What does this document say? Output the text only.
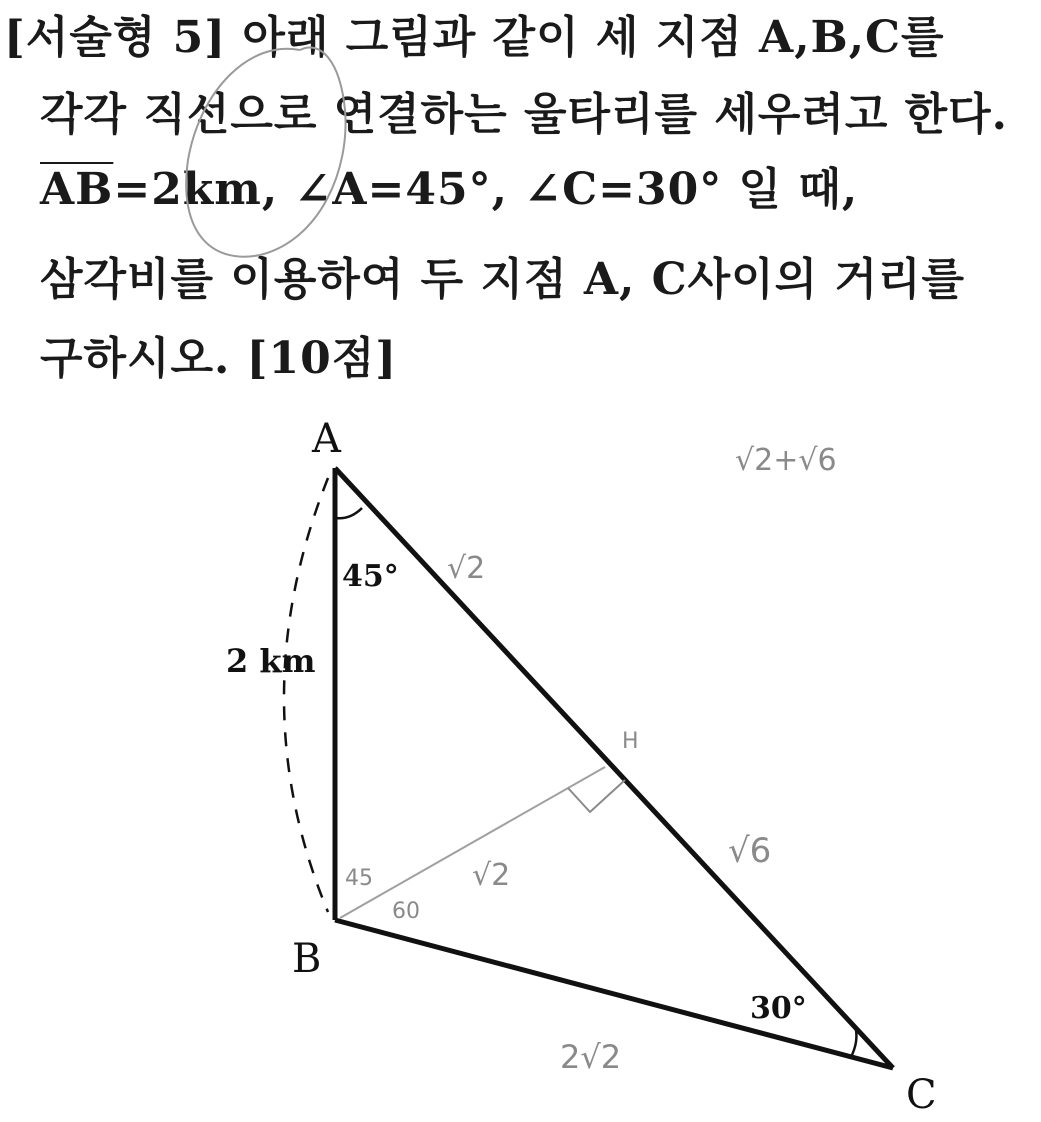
[서술형 5] 아래 그림과 같이 세 지점 A,B,C를
각각 직선으로 연결하는 울타리를 세우려고 한다.
$\overline{AB}=2km$, ∠A=45°, ∠C=30° 일 때,
삼각비를 이용하여 두 지점 A, C사이의 거리를
구하시오. [10점]
A
B
C
45°
30°
2 km
√2+√6
√2
H
√6
√2
45
60
2√2
